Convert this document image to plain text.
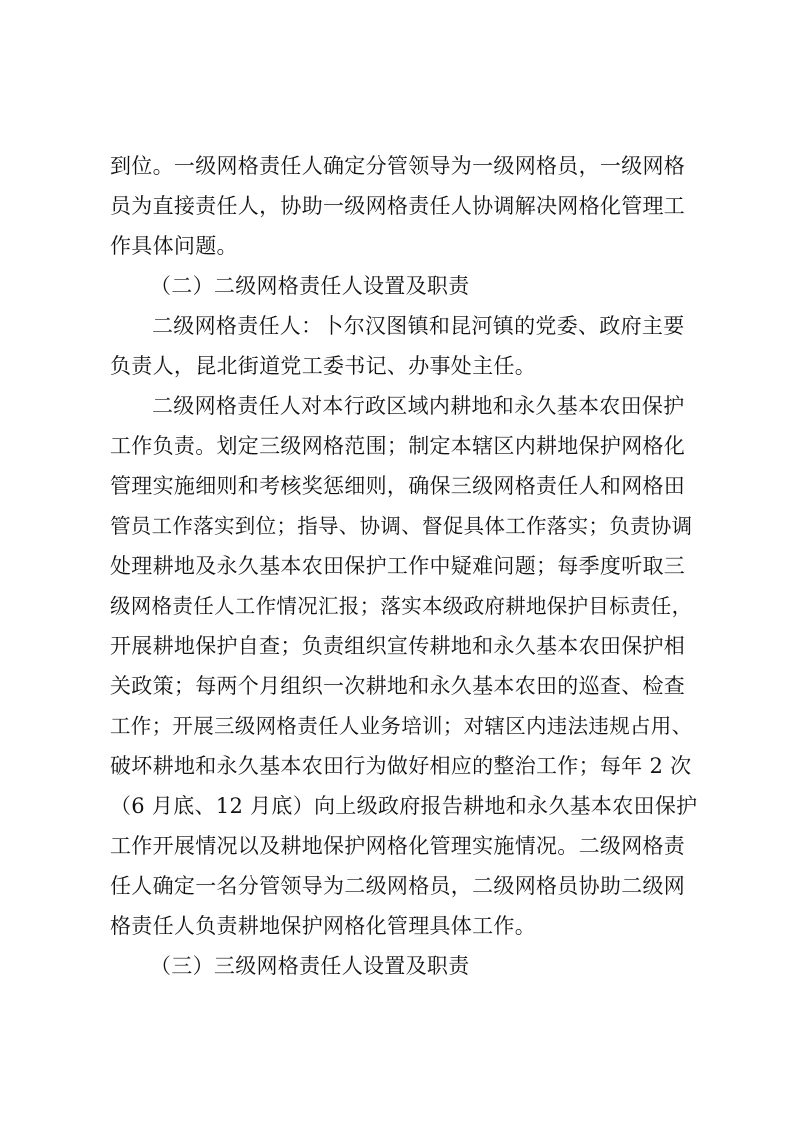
到位。一级网格责任人确定分管领导为一级网格员，一级网格
员为直接责任人，协助一级网格责任人协调解决网格化管理工
作具体问题。
（二）二级网格责任人设置及职责
二级网格责任人：卜尔汉图镇和昆河镇的党委、政府主要
负责人，昆北街道党工委书记、办事处主任。
二级网格责任人对本行政区域内耕地和永久基本农田保护
工作负责。划定三级网格范围；制定本辖区内耕地保护网格化
管理实施细则和考核奖惩细则，确保三级网格责任人和网格田
管员工作落实到位；指导、协调、督促具体工作落实；负责协调
处理耕地及永久基本农田保护工作中疑难问题；每季度听取三
级网格责任人工作情况汇报；落实本级政府耕地保护目标责任，
开展耕地保护自查；负责组织宣传耕地和永久基本农田保护相
关政策；每两个月组织一次耕地和永久基本农田的巡查、检查
工作；开展三级网格责任人业务培训；对辖区内违法违规占用、
破坏耕地和永久基本农田行为做好相应的整治工作；每年 2 次
（6 月底、12 月底）向上级政府报告耕地和永久基本农田保护
工作开展情况以及耕地保护网格化管理实施情况。二级网格责
任人确定一名分管领导为二级网格员，二级网格员协助二级网
格责任人负责耕地保护网格化管理具体工作。
（三）三级网格责任人设置及职责
